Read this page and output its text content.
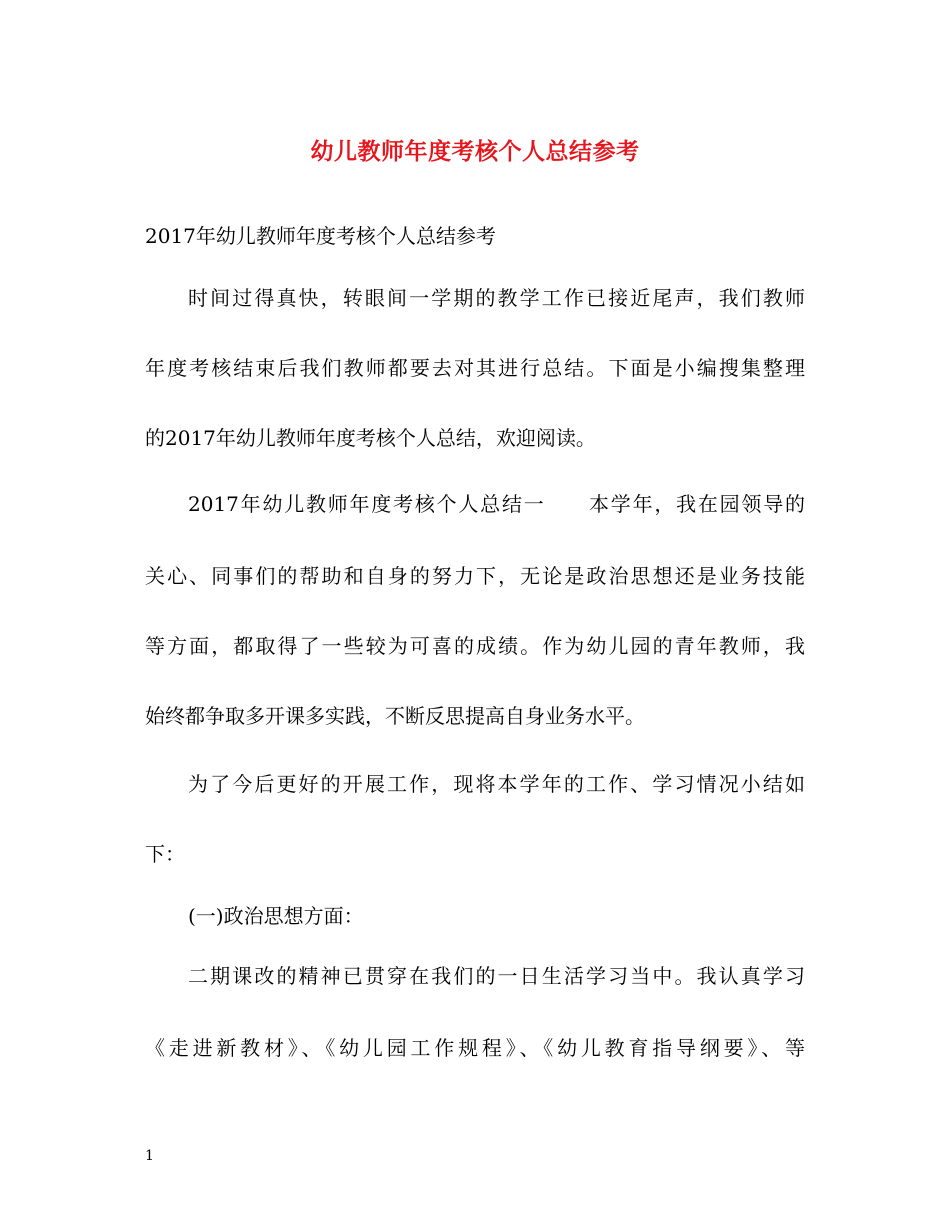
幼儿教师年度考核个人总结参考
2017年幼儿教师年度考核个人总结参考
时间过得真快，转眼间一学期的教学工作已接近尾声，我们教师
年度考核结束后我们教师都要去对其进行总结。下面是小编搜集整理
的2017年幼儿教师年度考核个人总结，欢迎阅读。
2017年幼儿教师年度考核个人总结一　　本学年，我在园领导的
关心、同事们的帮助和自身的努力下，无论是政治思想还是业务技能
等方面，都取得了一些较为可喜的成绩。作为幼儿园的青年教师，我
始终都争取多开课多实践，不断反思提高自身业务水平。
为了今后更好的开展工作，现将本学年的工作、学习情况小结如
下：
(一)政治思想方面：
二期课改的精神已贯穿在我们的一日生活学习当中。我认真学习
《走进新教材》、《幼儿园工作规程》、《幼儿教育指导纲要》、等
1
